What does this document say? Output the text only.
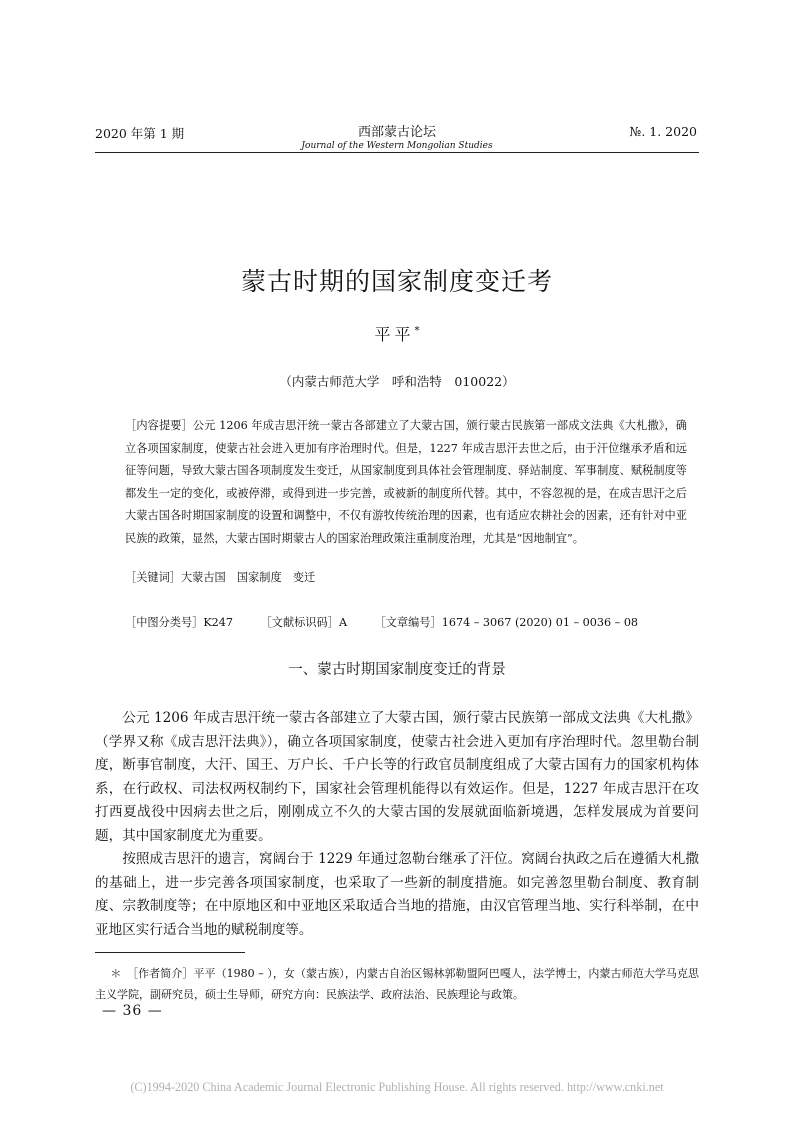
2020 年第 1 期	西部蒙古论坛
Journal of the Western Mongolian Studies
№. 1. 2020
蒙古时期的国家制度变迁考
平平*
（内蒙古师范大学　呼和浩特　010022）
［内容提要］公元 1206 年成吉思汗统一蒙古各部建立了大蒙古国，颁行蒙古民族第一部成文法典《大札撒》，确立各项国家制度，使蒙古社会进入更加有序治理时代。但是，1227 年成吉思汗去世之后，由于汗位继承矛盾和远征等问题，导致大蒙古国各项制度发生变迁，从国家制度到具体社会管理制度、驿站制度、军事制度、赋税制度等都发生一定的变化，或被停滞，或得到进一步完善，或被新的制度所代替。其中，不容忽视的是，在成吉思汗之后大蒙古国各时期国家制度的设置和调整中，不仅有游牧传统治理的因素，也有适应农耕社会的因素，还有针对中亚民族的政策，显然，大蒙古国时期蒙古人的国家治理政策注重制度治理，尤其是“因地制宜”。
［关键词］大蒙古国　国家制度　变迁
［中图分类号］K247 ［文献标识码］A ［文章编号］1674 – 3067 (2020) 01 – 0036 – 08
一、蒙古时期国家制度变迁的背景
公元 1206 年成吉思汗统一蒙古各部建立了大蒙古国，颁行蒙古民族第一部成文法典《大札撒》（学界又称《成吉思汗法典》），确立各项国家制度，使蒙古社会进入更加有序治理时代。忽里勒台制度，断事官制度，大汗、国王、万户长、千户长等的行政官员制度组成了大蒙古国有力的国家机构体系，在行政权、司法权两权制约下，国家社会管理机能得以有效运作。但是，1227 年成吉思汗在攻打西夏战役中因病去世之后，刚刚成立不久的大蒙古国的发展就面临新境遇，怎样发展成为首要问题，其中国家制度尤为重要。
按照成吉思汗的遗言，窝阔台于 1229 年通过忽勒台继承了汗位。窝阔台执政之后在遵循大札撒的基础上，进一步完善各项国家制度，也采取了一些新的制度措施。如完善忽里勒台制度、教育制度、宗教制度等；在中原地区和中亚地区采取适合当地的措施，由汉官管理当地、实行科举制，在中亚地区实行适合当地的赋税制度等。
＊　［作者简介］平平（1980 – ），女（蒙古族），内蒙古自治区锡林郭勒盟阿巴嘎人，法学博士，内蒙古师范大学马克思主义学院，副研究员，硕士生导师，研究方向：民族法学、政府法治、民族理论与政策。
— 36 —
(C)1994-2020 China Academic Journal Electronic Publishing House. All rights reserved. http://www.cnki.net
